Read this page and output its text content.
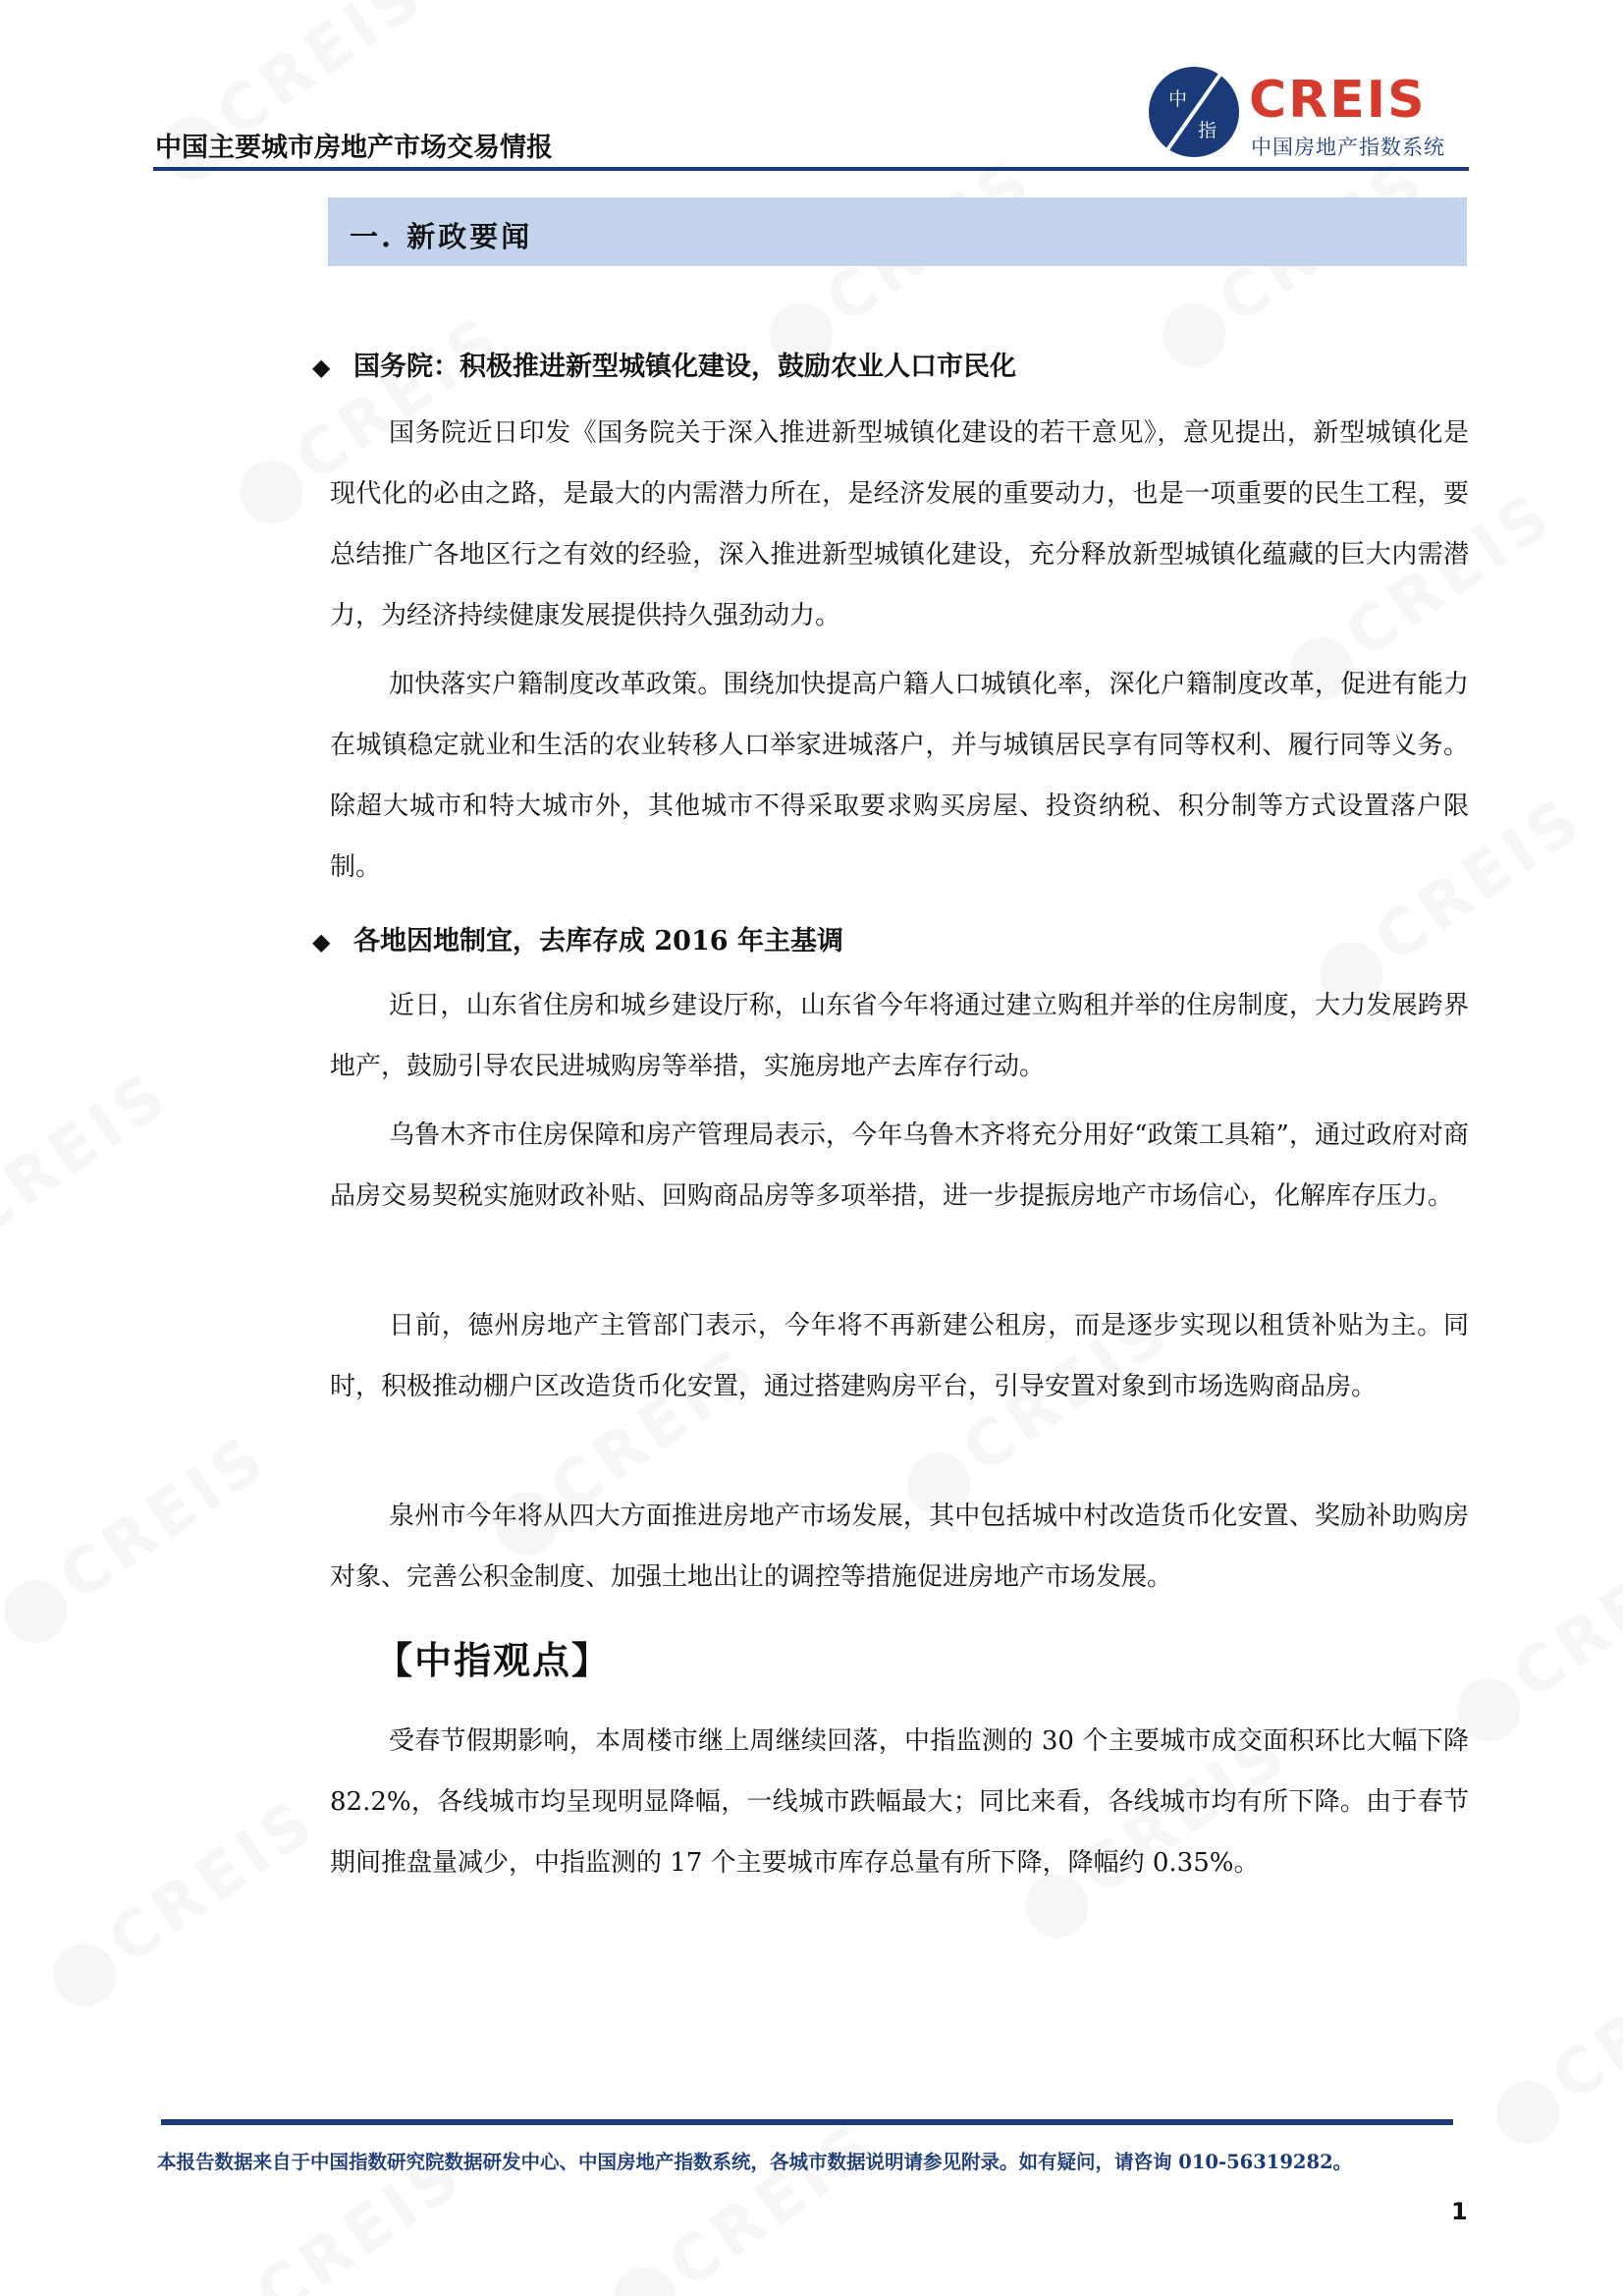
中国主要城市房地产市场交易情报
中
指
CREIS
中国房地产指数系统
一. 新政要闻
◆ 国务院：积极推进新型城镇化建设，鼓励农业人口市民化

国务院近日印发《国务院关于深入推进新型城镇化建设的若干意见》，意见提出，新型城镇化是现代化的必由之路，是最大的内需潜力所在，是经济发展的重要动力，也是一项重要的民生工程，要总结推广各地区行之有效的经验，深入推进新型城镇化建设，充分释放新型城镇化蕴藏的巨大内需潜力，为经济持续健康发展提供持久强劲动力。

加快落实户籍制度改革政策。围绕加快提高户籍人口城镇化率，深化户籍制度改革，促进有能力在城镇稳定就业和生活的农业转移人口举家进城落户，并与城镇居民享有同等权利、履行同等义务。除超大城市和特大城市外，其他城市不得采取要求购买房屋、投资纳税、积分制等方式设置落户限制。

◆ 各地因地制宜，去库存成 2016 年主基调

近日，山东省住房和城乡建设厅称，山东省今年将通过建立购租并举的住房制度，大力发展跨界地产，鼓励引导农民进城购房等举措，实施房地产去库存行动。

乌鲁木齐市住房保障和房产管理局表示，今年乌鲁木齐将充分用好“政策工具箱”，通过政府对商品房交易契税实施财政补贴、回购商品房等多项举措，进一步提振房地产市场信心，化解库存压力。

日前，德州房地产主管部门表示，今年将不再新建公租房，而是逐步实现以租赁补贴为主。同时，积极推动棚户区改造货币化安置，通过搭建购房平台，引导安置对象到市场选购商品房。

泉州市今年将从四大方面推进房地产市场发展，其中包括城中村改造货币化安置、奖励补助购房对象、完善公积金制度、加强土地出让的调控等措施促进房地产市场发展。

【中指观点】

受春节假期影响，本周楼市继上周继续回落，中指监测的 30 个主要城市成交面积环比大幅下降 82.2%，各线城市均呈现明显降幅，一线城市跌幅最大；同比来看，各线城市均有所下降。由于春节期间推盘量减少，中指监测的 17 个主要城市库存总量有所下降，降幅约 0.35%。

本报告数据来自于中国指数研究院数据研发中心、中国房地产指数系统，各城市数据说明请参见附录。如有疑问，请咨询 010-56319282。
1
